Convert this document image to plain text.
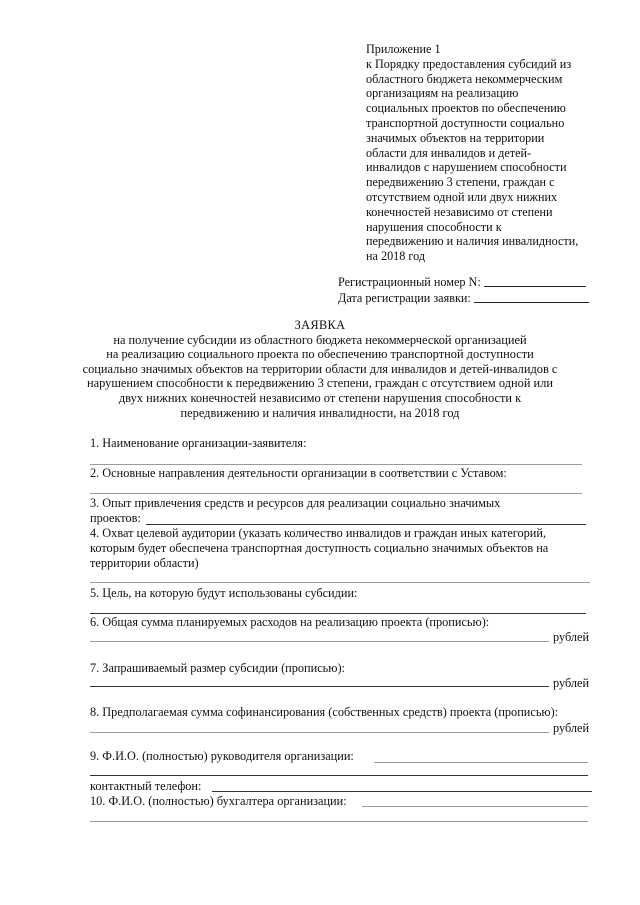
Приложение 1
к Порядку предоставления субсидий из
областного бюджета некоммерческим
организациям на реализацию
социальных проектов по обеспечению
транспортной доступности социально
значимых объектов на территории
области для инвалидов и детей-
инвалидов с нарушением способности
передвижению 3 степени, граждан с
отсутствием одной или двух нижних
конечностей независимо от степени
нарушения способности к
передвижению и наличия инвалидности,
на 2018 год
Регистрационный номер N:
Дата регистрации заявки:
ЗАЯВКА
на получение субсидии из областного бюджета некоммерческой организацией
на реализацию социального проекта по обеспечению транспортной доступности
социально значимых объектов на территории области для инвалидов и детей-инвалидов с
нарушением способности к передвижению 3 степени, граждан с отсутствием одной или
двух нижних конечностей независимо от степени нарушения способности к
передвижению и наличия инвалидности, на 2018 год
1. Наименование организации-заявителя:
2. Основные направления деятельности организации в соответствии с Уставом:
3. Опыт привлечения средств и ресурсов для реализации социально значимых
проектов:
4. Охват целевой аудитории (указать количество инвалидов и граждан иных категорий,
которым будет обеспечена транспортная доступность социально значимых объектов на
территории области)
5. Цель, на которую будут использованы субсидии:
6. Общая сумма планируемых расходов на реализацию проекта (прописью):
рублей
7. Запрашиваемый размер субсидии (прописью):
рублей
8. Предполагаемая сумма софинансирования (собственных средств) проекта (прописью):
рублей
9. Ф.И.О. (полностью) руководителя организации:
контактный телефон:
10. Ф.И.О. (полностью) бухгалтера организации:
